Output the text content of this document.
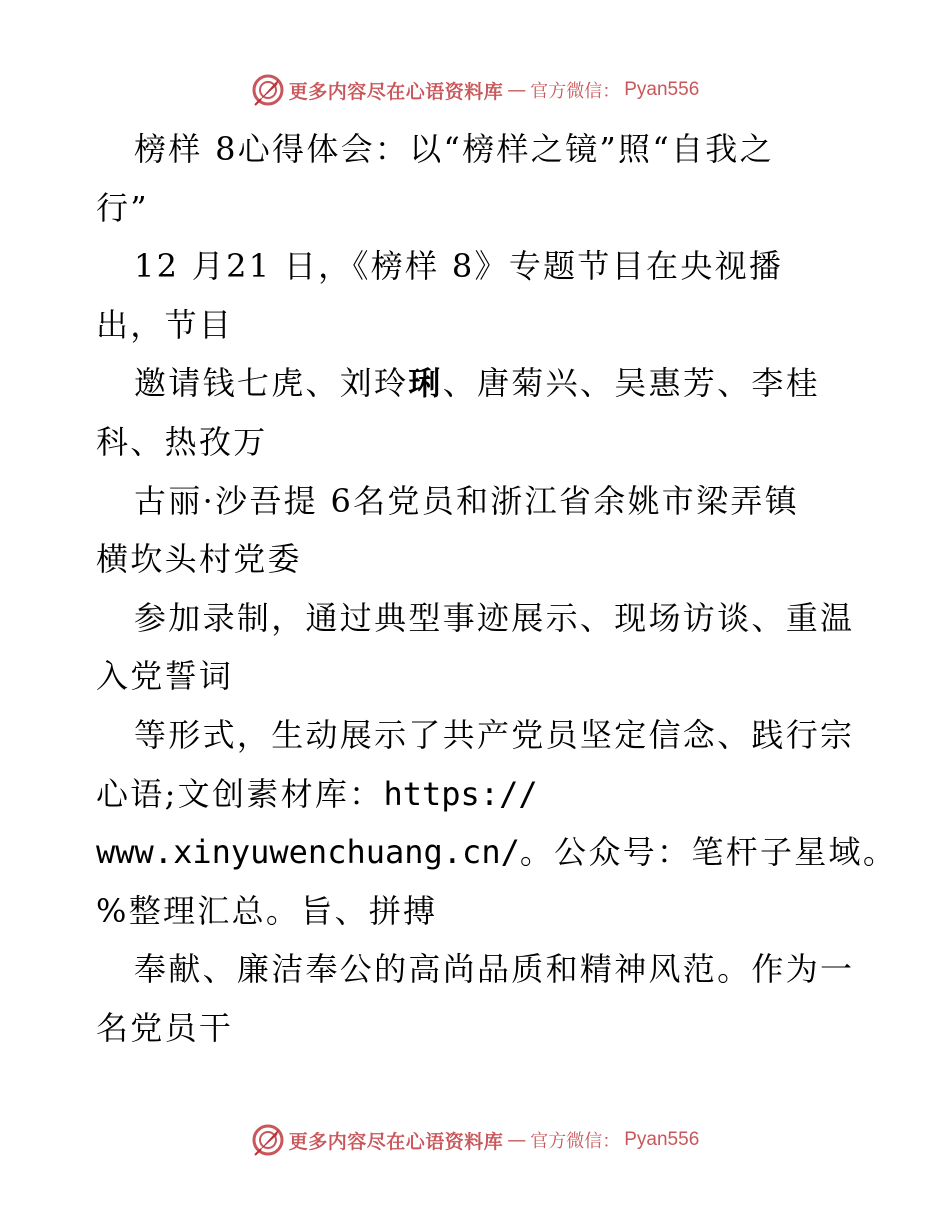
更多内容尽在心语资料库 — 官方微信： Pyan556
榜样 8心得体会：以“榜样之镜”照“自我之
行”
12 月21 日，《榜样 8》专题节目在央视播
出，节目
邀请钱七虎、刘玲琍、唐菊兴、吴惠芳、李桂
科、热孜万
古丽·沙吾提 6名党员和浙江省余姚市梁弄镇
横坎头村党委
参加录制，通过典型事迹展示、现场访谈、重温
入党誓词
等形式，生动展示了共产党员坚定信念、践行宗
心语;文创素材库：https://
www.xinyuwenchuang.cn/。公众号：笔杆子星域。
%整理汇总。旨、拼搏
奉献、廉洁奉公的高尚品质和精神风范。作为一
名党员干
更多内容尽在心语资料库 — 官方微信： Pyan556
